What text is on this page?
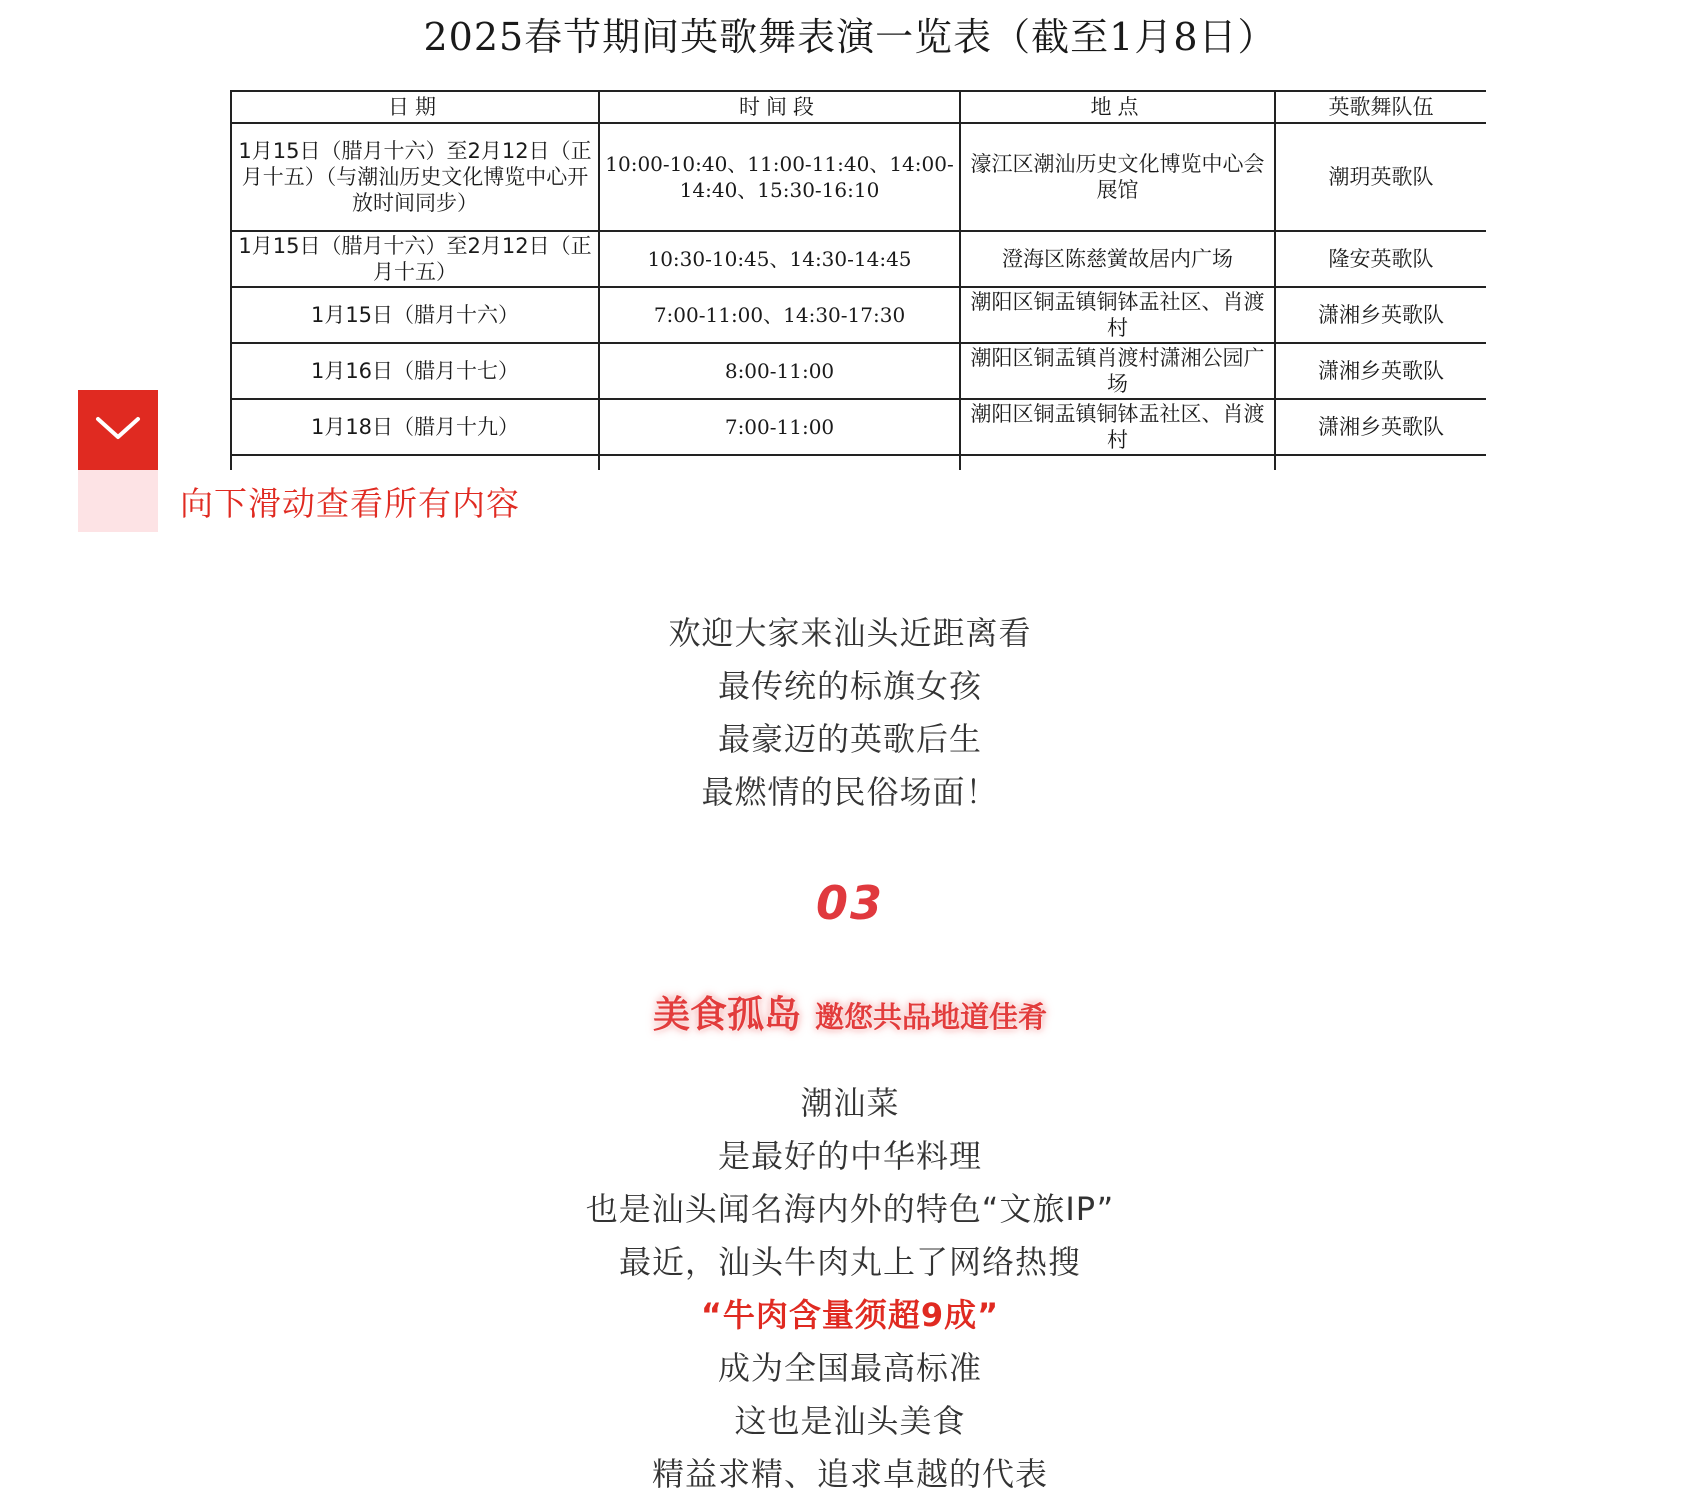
2025春节期间英歌舞表演一览表（截至1月8日）
日期	时间段	地点	英歌舞队伍
1月15日（腊月十六）至2月12日（正月十五）（与潮汕历史文化博览中心开放时间同步）	10:00-10:40、11:00-11:40、14:00-14:40、15:30-16:10	濠江区潮汕历史文化博览中心会展馆	潮玥英歌队
1月15日（腊月十六）至2月12日（正月十五）	10:30-10:45、14:30-14:45	澄海区陈慈黉故居内广场	隆安英歌队
1月15日（腊月十六）	7:00-11:00、14:30-17:30	潮阳区铜盂镇铜钵盂社区、肖渡村	潇湘乡英歌队
1月16日（腊月十七）	8:00-11:00	潮阳区铜盂镇肖渡村潇湘公园广场	潇湘乡英歌队
1月18日（腊月十九）	7:00-11:00	潮阳区铜盂镇铜钵盂社区、肖渡村	潇湘乡英歌队

向下滑动查看所有内容
欢迎大家来汕头近距离看
最传统的标旗女孩
最豪迈的英歌后生
最燃情的民俗场面！
03
美食孤岛 邀您共品地道佳肴
潮汕菜
是最好的中华料理
也是汕头闻名海内外的特色“文旅IP”
最近，汕头牛肉丸上了网络热搜
“牛肉含量须超9成”
成为全国最高标准
这也是汕头美食
精益求精、追求卓越的代表
